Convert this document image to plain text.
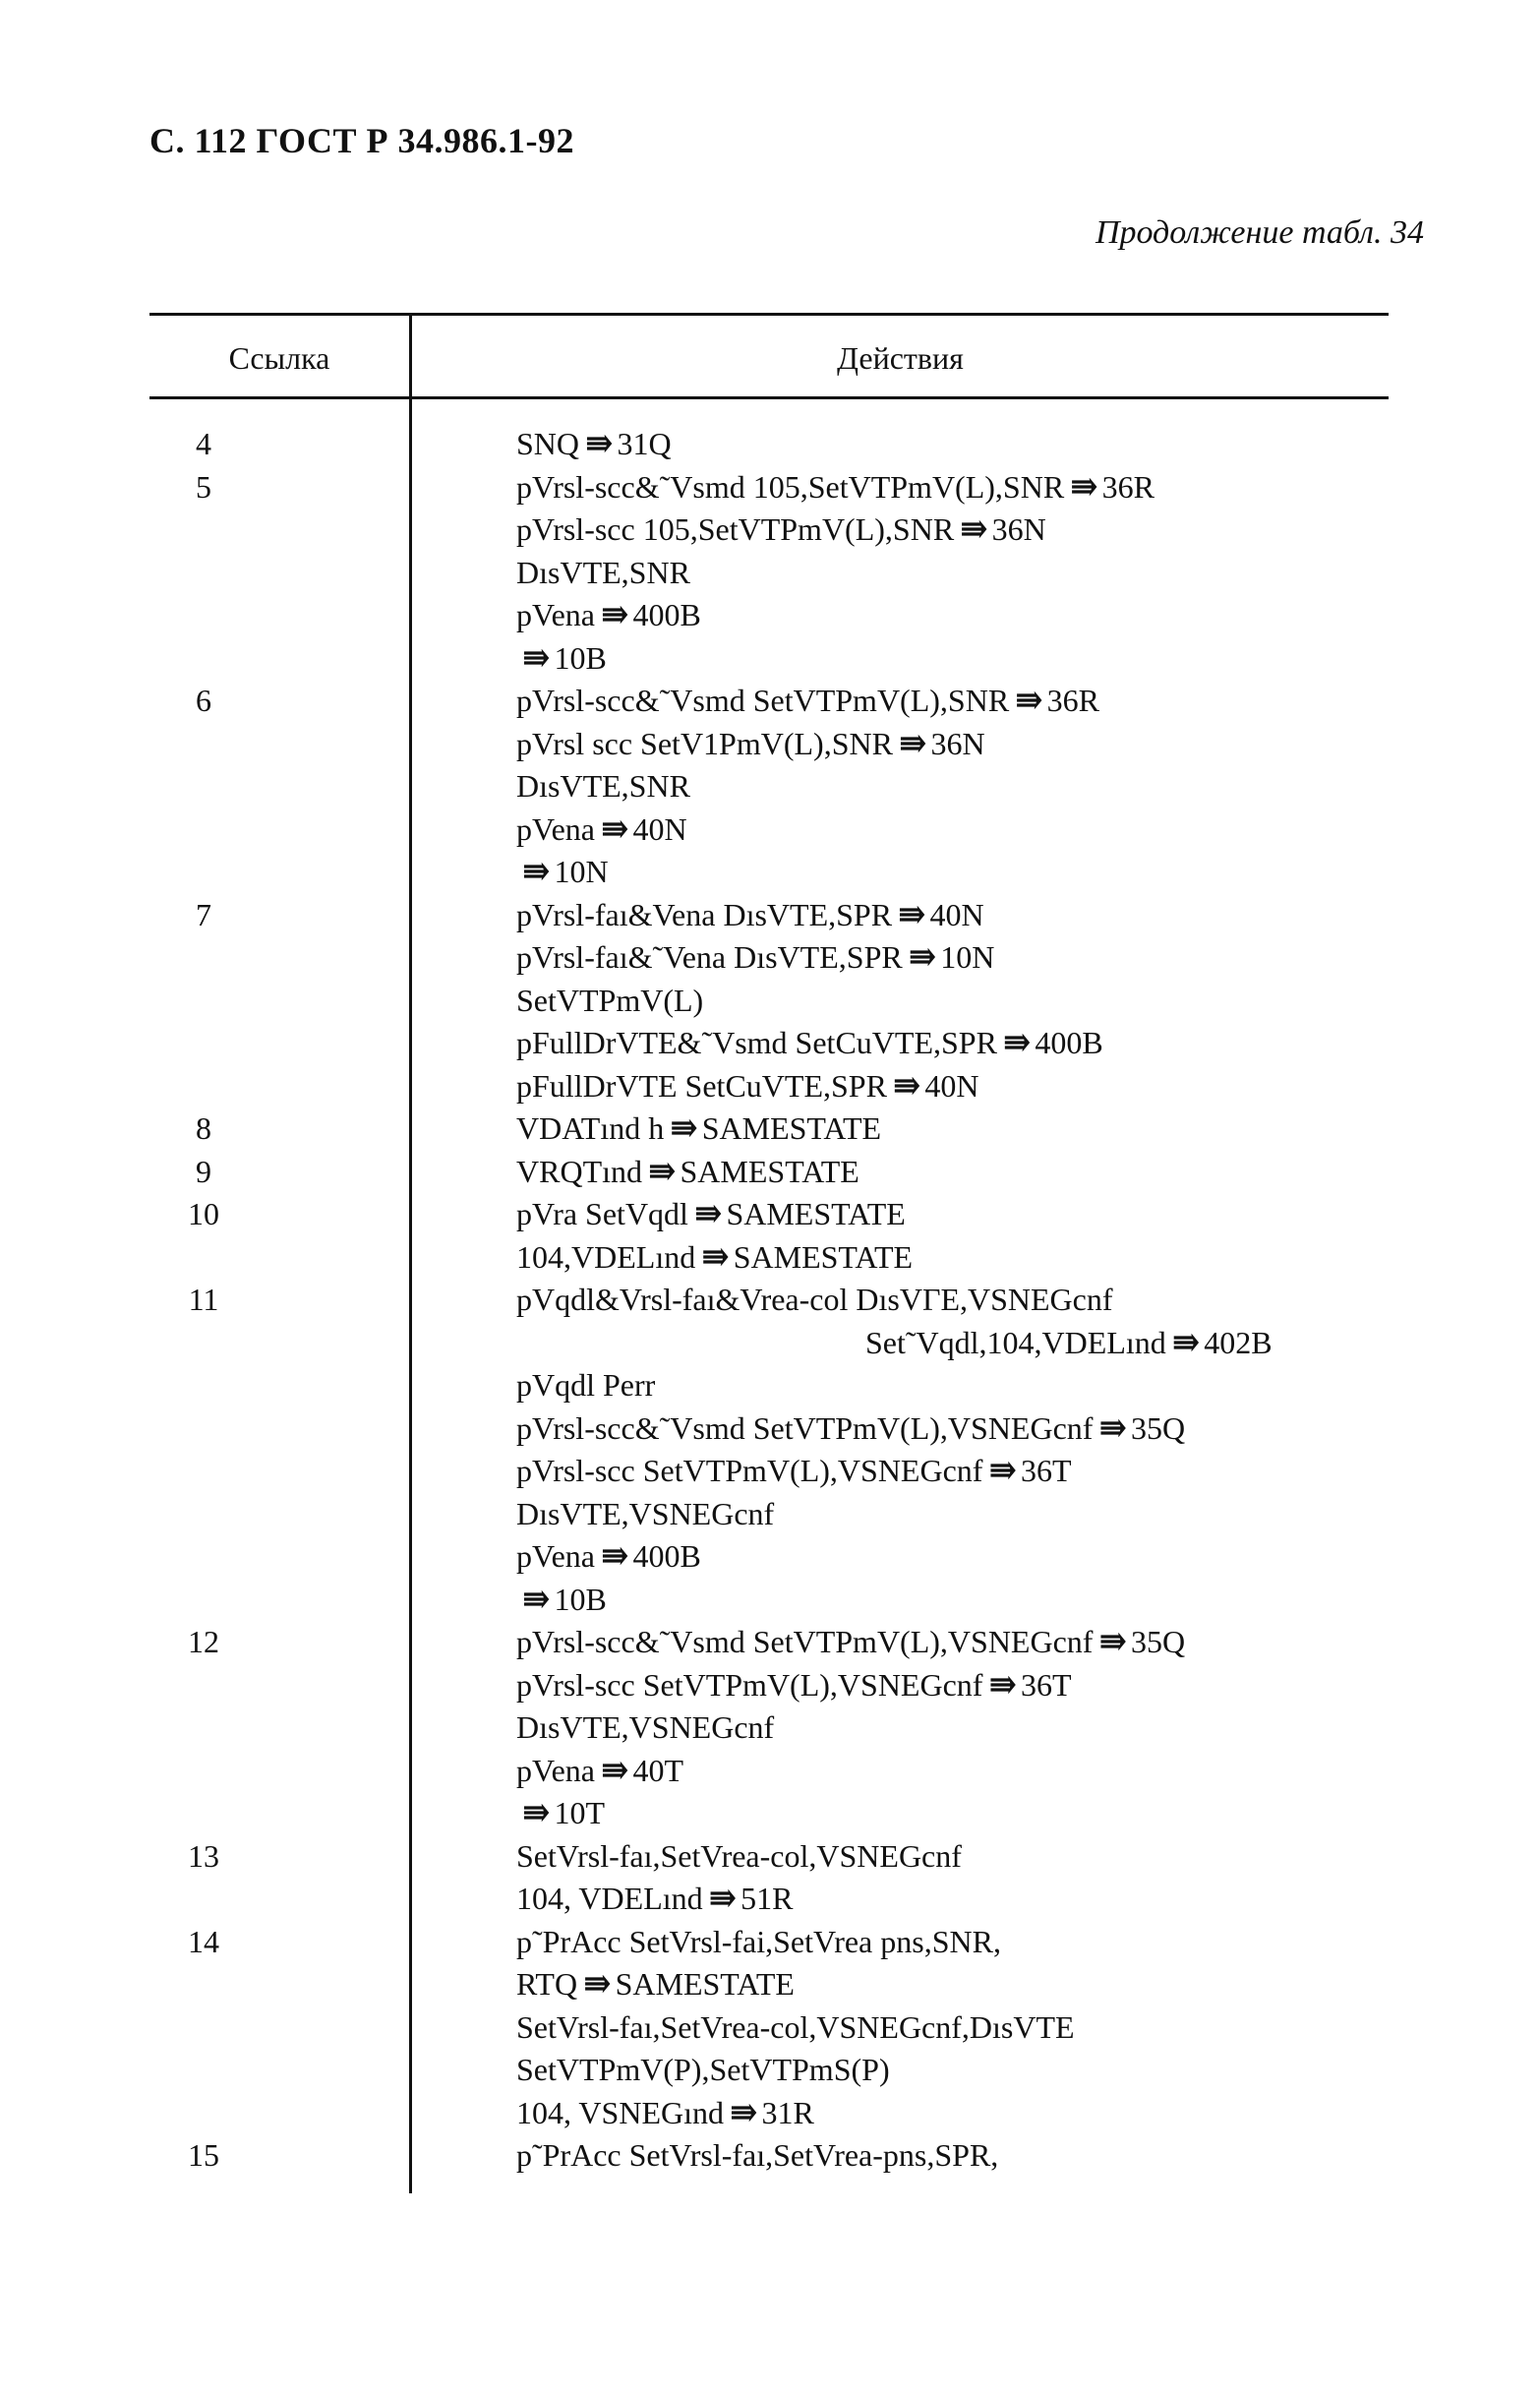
С. 112 ГОСТ Р 34.986.1-92
Продолжение табл. 34
Ссылка	Действия
4	SNQ ⇛ 31Q
5	pVrsl-scc&˜Vsmd 105,SetVTPmV(L),SNR ⇛ 36R
pVrsl-scc 105,SetVTPmV(L),SNR ⇛ 36N
DısVTE,SNR
pVena ⇛ 400B
⇛ 10B
6	pVrsl-scc&˜Vsmd SetVTPmV(L),SNR ⇛ 36R
pVrsl scc SetV1PmV(L),SNR ⇛ 36N
DısVTE,SNR
pVena ⇛ 40N
⇛ 10N
7	pVrsl-faı&Vena DısVTE,SPR ⇛ 40N
pVrsl-faı&˜Vena DısVTE,SPR ⇛ 10N
SetVTPmV(L)
pFullDrVTE&˜Vsmd SetCuVTE,SPR ⇛ 400B
pFullDrVTE SetCuVTE,SPR ⇛ 40N
8	VDATınd h ⇛ SAMESTATE
9	VRQTınd ⇛ SAMESTATE
10	pVra SetVqdl ⇛ SAMESTATE
104,VDELınd ⇛ SAMESTATE
11	pVqdl&Vrsl-faı&Vrea-col DısVΓE,VSNEGcnf
Set˜Vqdl,104,VDELınd ⇛ 402B
pVqdl Perr
pVrsl-scc&˜Vsmd SetVTPmV(L),VSNEGcnf ⇛ 35Q
pVrsl-scc SetVTPmV(L),VSNEGcnf ⇛ 36T
DısVTE,VSNEGcnf
pVena ⇛ 400B
⇛ 10B
12	pVrsl-scc&˜Vsmd SetVTPmV(L),VSNEGcnf ⇛ 35Q
pVrsl-scc SetVTPmV(L),VSNEGcnf ⇛ 36T
DısVTE,VSNEGcnf
pVena ⇛ 40T
⇛ 10T
13	SetVrsl-faı,SetVrea-col,VSNEGcnf
104, VDELınd ⇛ 51R
14	p˜PrAcc SetVrsl-fai,SetVrea pns,SNR,
RTQ ⇛ SAMESTATE
SetVrsl-faı,SetVrea-col,VSNEGcnf,DısVTE
SetVTPmV(P),SetVTPmS(P)
104, VSNEGınd ⇛ 31R
15	p˜PrAcc SetVrsl-faı,SetVrea-pns,SPR,
